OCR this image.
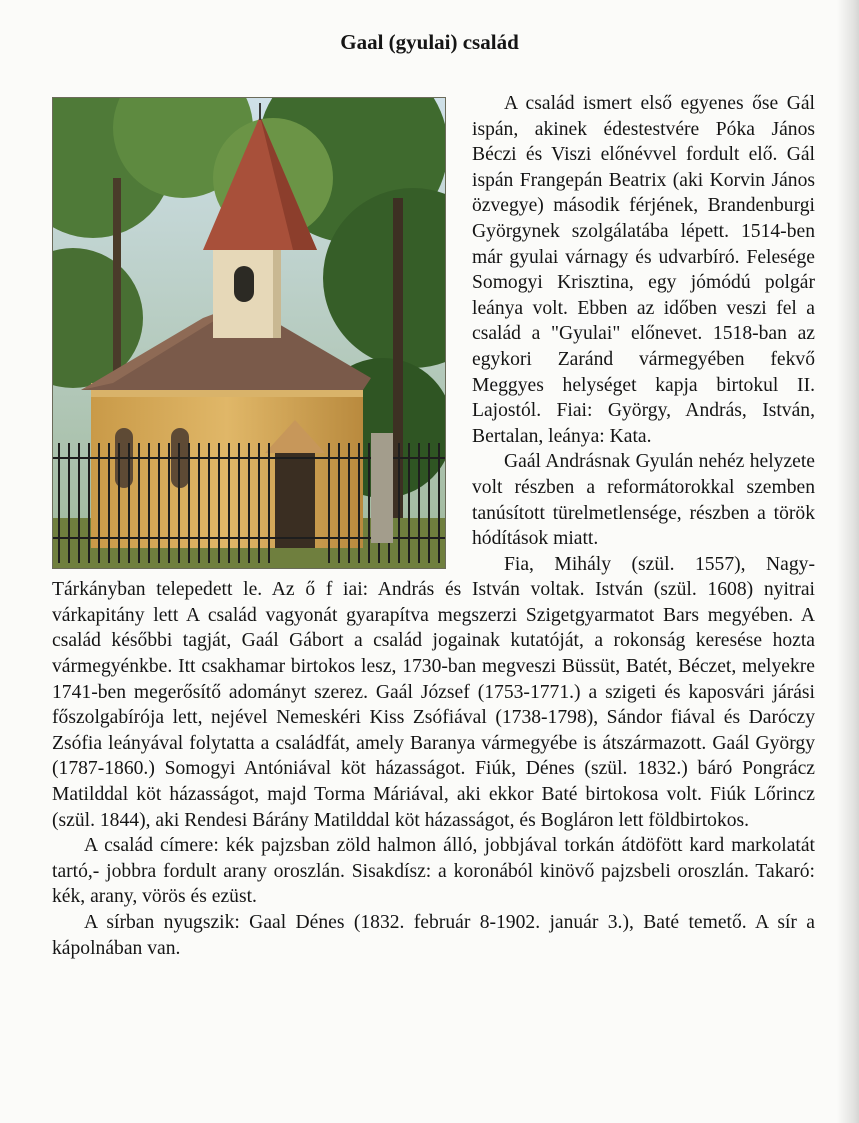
Gaal (gyulai) család

A család ismert első egyenes őse Gál ispán, akinek édestestvére Póka János Béczi és Viszi előnévvel fordult elő. Gál ispán Frangepán Beatrix (aki Korvin János özvegye) második férjének, Brandenburgi Györgynek szolgálatába lépett. 1514-ben már gyulai várnagy és udvarbíró. Felesége Somogyi Krisztina, egy jómódú polgár leánya volt. Ebben az időben veszi fel a család a "Gyulai" előnevet. 1518-ban az egykori Zaránd vármegyében fekvő Meggyes helységet kapja birtokul II. Lajostól. Fiai: György, András, István, Bertalan, leánya: Kata.

Gaál Andrásnak Gyulán nehéz helyzete volt részben a reformátorokkal szemben tanúsított türelmetlensége, részben a török hódítások miatt.

Fia, Mihály (szül. 1557), Nagy-Tárkányban telepedett le. Az ő f iai: András és István voltak. István (szül. 1608) nyitrai várkapitány lett A család vagyonát gyarapítva megszerzi Szigetgyarmatot Bars megyében. A család későbbi tagját, Gaál Gábort a család jogainak kutatóját, a rokonság keresése hozta vármegyénkbe. Itt csakhamar birtokos lesz, 1730-ban megveszi Büssüt, Batét, Béczet, melyekre 1741-ben megerősítő adományt szerez. Gaál József (1753-1771.) a szigeti és kaposvári járási főszolgabírója lett, nejével Nemeskéri Kiss Zsófiával (1738-1798), Sándor fiával és Daróczy Zsófia leányával folytatta a családfát, amely Baranya vármegyébe is átszármazott. Gaál György (1787-1860.) Somogyi Antóniával köt házasságot. Fiúk, Dénes (szül. 1832.) báró Pongrácz Matilddal köt házasságot, majd Torma Máriával, aki ekkor Baté birtokosa volt. Fiúk Lőrincz (szül. 1844), aki Rendesi Bárány Matilddal köt házasságot, és Bogláron lett földbirtokos.

A család címere: kék pajzsban zöld halmon álló, jobbjával torkán átdöfött kard markolatát tartó,- jobbra fordult arany oroszlán. Sisakdísz: a koronából kinövő pajzsbeli oroszlán. Takaró: kék, arany, vörös és ezüst.

A sírban nyugszik: Gaal Dénes (1832. február 8-1902. január 3.), Baté temető. A sír a kápolnában van.
